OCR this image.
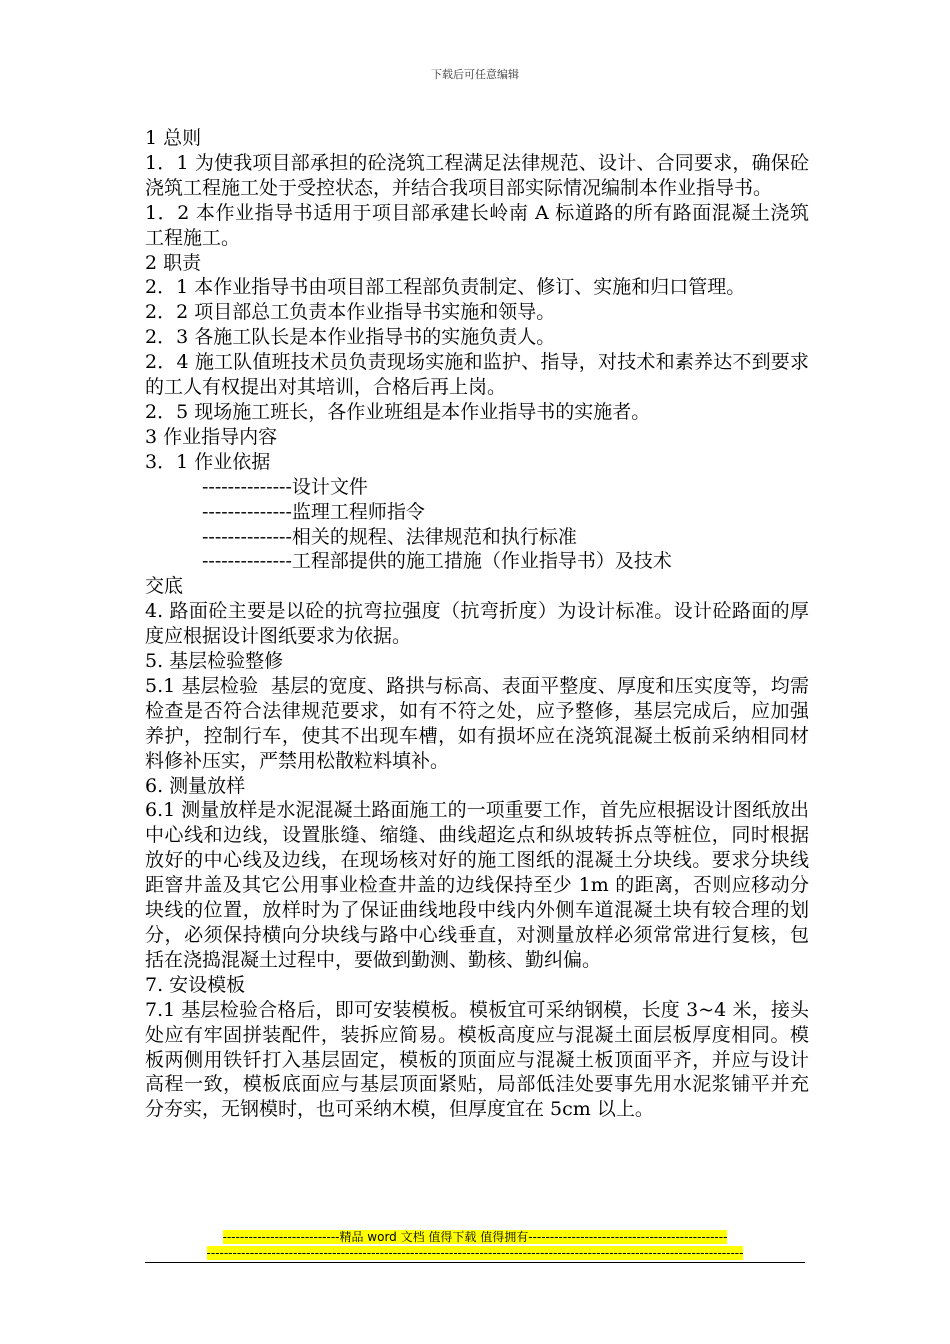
下载后可任意编辑

1 总则

1．1 为使我项目部承担的砼浇筑工程满足法律规范、设计、合同要求，确保砼浇筑工程施工处于受控状态，并结合我项目部实际情况编制本作业指导书。

1．2 本作业指导书适用于项目部承建长岭南 A 标道路的所有路面混凝土浇筑工程施工。

2 职责

2．1 本作业指导书由项目部工程部负责制定、修订、实施和归口管理。

2．2 项目部总工负责本作业指导书实施和领导。

2．3 各施工队长是本作业指导书的实施负责人。

2．4 施工队值班技术员负责现场实施和监护、指导，对技术和素养达不到要求的工人有权提出对其培训，合格后再上岗。

2．5 现场施工班长，各作业班组是本作业指导书的实施者。

3 作业指导内容

3．1 作业依据

--------------设计文件

--------------监理工程师指令

--------------相关的规程、法律规范和执行标准

--------------工程部提供的施工措施（作业指导书）及技术

交底

4. 路面砼主要是以砼的抗弯拉强度（抗弯折度）为设计标准。设计砼路面的厚度应根据设计图纸要求为依据。

5. 基层检验整修

5.1 基层检验  基层的宽度、路拱与标高、表面平整度、厚度和压实度等，均需检查是否符合法律规范要求，如有不符之处，应予整修，基层完成后，应加强养护，控制行车，使其不出现车槽，如有损坏应在浇筑混凝土板前采纳相同材料修补压实，严禁用松散粒料填补。

6. 测量放样

6.1 测量放样是水泥混凝土路面施工的一项重要工作，首先应根据设计图纸放出中心线和边线，设置胀缝、缩缝、曲线超迄点和纵坡转拆点等桩位，同时根据放好的中心线及边线，在现场核对好的施工图纸的混凝土分块线。要求分块线距窨井盖及其它公用事业检查井盖的边线保持至少 1m 的距离，否则应移动分块线的位置，放样时为了保证曲线地段中线内外侧车道混凝土块有较合理的划分，必须保持横向分块线与路中心线垂直，对测量放样必须常常进行复核，包括在浇捣混凝土过程中，要做到勤测、勤核、勤纠偏。

7. 安设模板

7.1 基层检验合格后，即可安装模板。模板宜可采纳钢模，长度 3~4 米，接头处应有牢固拼装配件，装拆应简易。模板高度应与混凝土面层板厚度相同。模板两侧用铁钎打入基层固定，模板的顶面应与混凝土板顶面平齐，并应与设计高程一致，模板底面应与基层顶面紧贴，局部低洼处要事先用水泥浆铺平并充分夯实，无钢模时，也可采纳木模，但厚度宜在 5cm 以上。

---------------------------精品 word 文档 值得下载 值得拥有----------------------------------------------
----------------------------------------------------------------------------------------------------------------------------
